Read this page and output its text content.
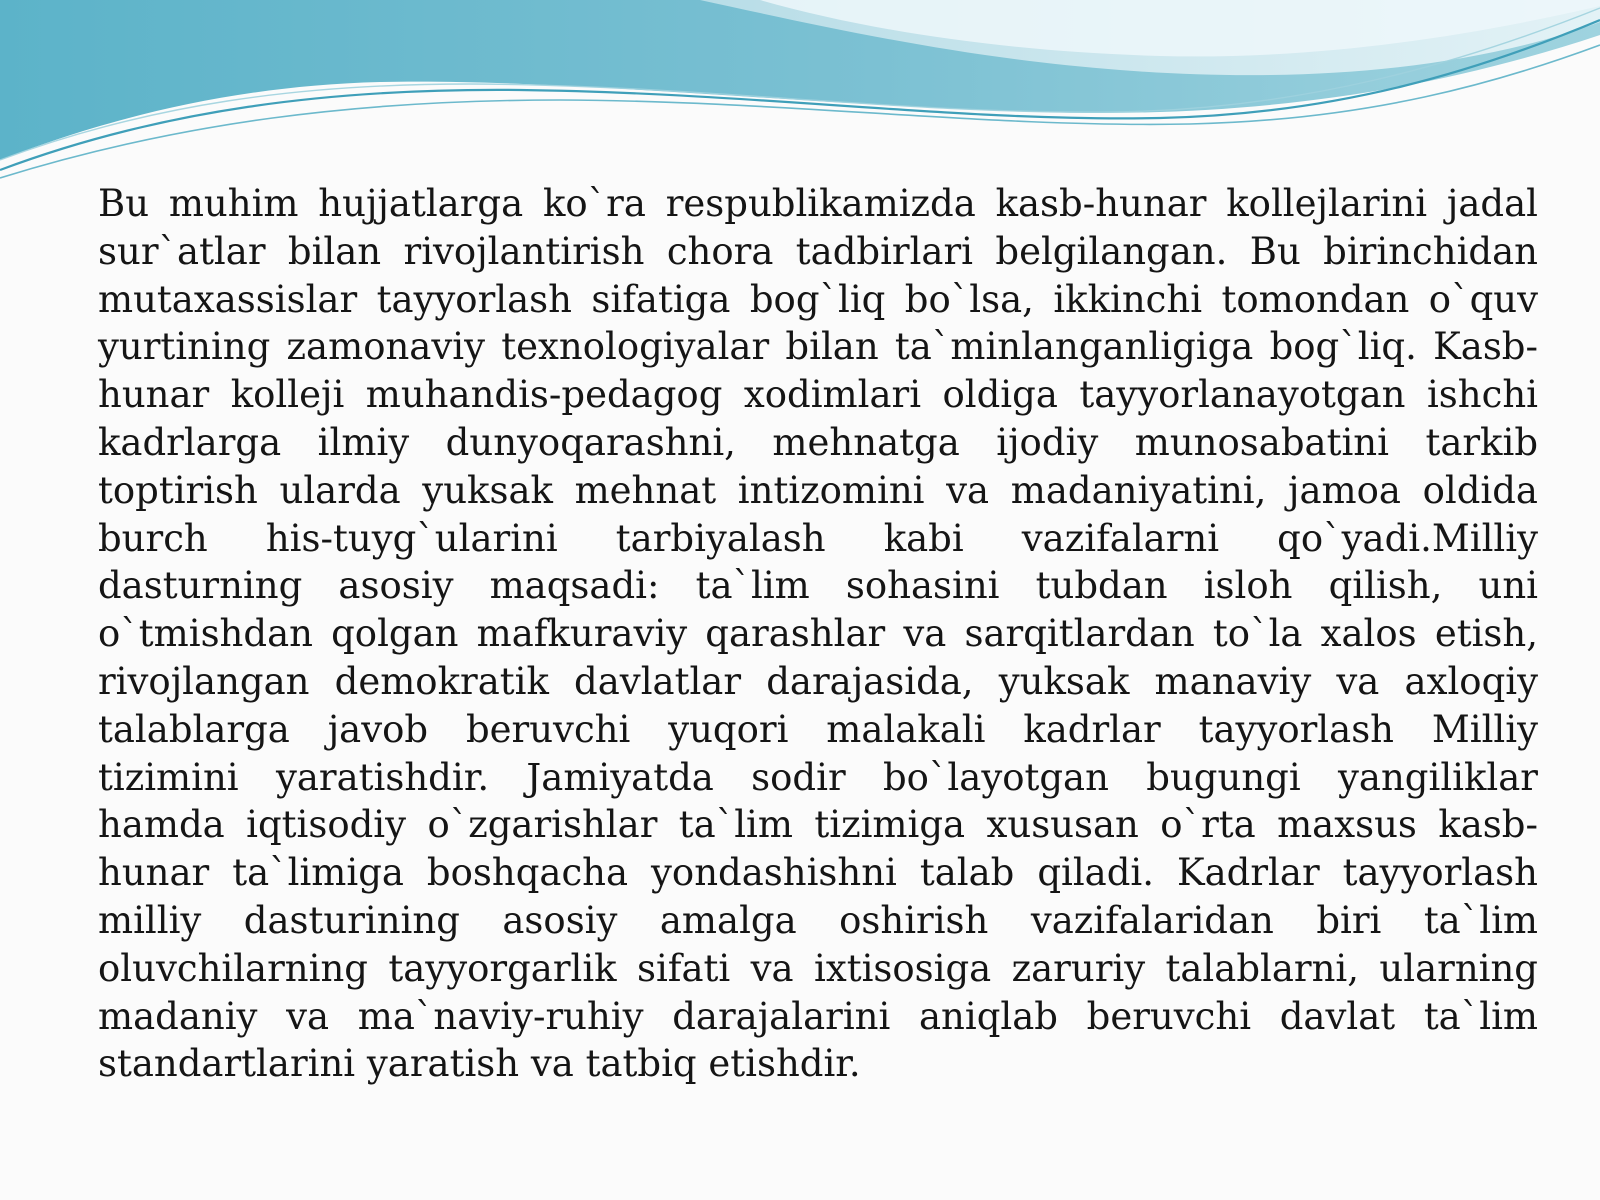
Bu muhim hujjatlarga ko`ra respublikamizda kasb-hunar kollejlarini jadal
sur`atlar bilan rivojlantirish chora tadbirlari belgilangan. Bu birinchidan
mutaxassislar tayyorlash sifatiga bog`liq bo`lsa, ikkinchi tomondan o`quv
yurtining zamonaviy texnologiyalar bilan ta`minlanganligiga bog`liq. Kasb-
hunar kolleji muhandis-pedagog xodimlari oldiga tayyorlanayotgan ishchi
kadrlarga ilmiy dunyoqarashni, mehnatga ijodiy munosabatini tarkib
toptirish ularda yuksak mehnat intizomini va madaniyatini, jamoa oldida
burch his-tuyg`ularini tarbiyalash kabi vazifalarni qo`yadi.Milliy
dasturning asosiy maqsadi: ta`lim sohasini tubdan isloh qilish, uni
o`tmishdan qolgan mafkuraviy qarashlar va sarqitlardan to`la xalos etish,
rivojlangan demokratik davlatlar darajasida, yuksak manaviy va axloqiy
talablarga javob beruvchi yuqori malakali kadrlar tayyorlash Milliy
tizimini yaratishdir. Jamiyatda sodir bo`layotgan bugungi yangiliklar
hamda iqtisodiy o`zgarishlar ta`lim tizimiga xususan o`rta maxsus kasb-
hunar ta`limiga boshqacha yondashishni talab qiladi. Kadrlar tayyorlash
milliy dasturining asosiy amalga oshirish vazifalaridan biri ta`lim
oluvchilarning tayyorgarlik sifati va ixtisosiga zaruriy talablarni, ularning
madaniy va ma`naviy-ruhiy darajalarini aniqlab beruvchi davlat ta`lim
standartlarini yaratish va tatbiq etishdir.
